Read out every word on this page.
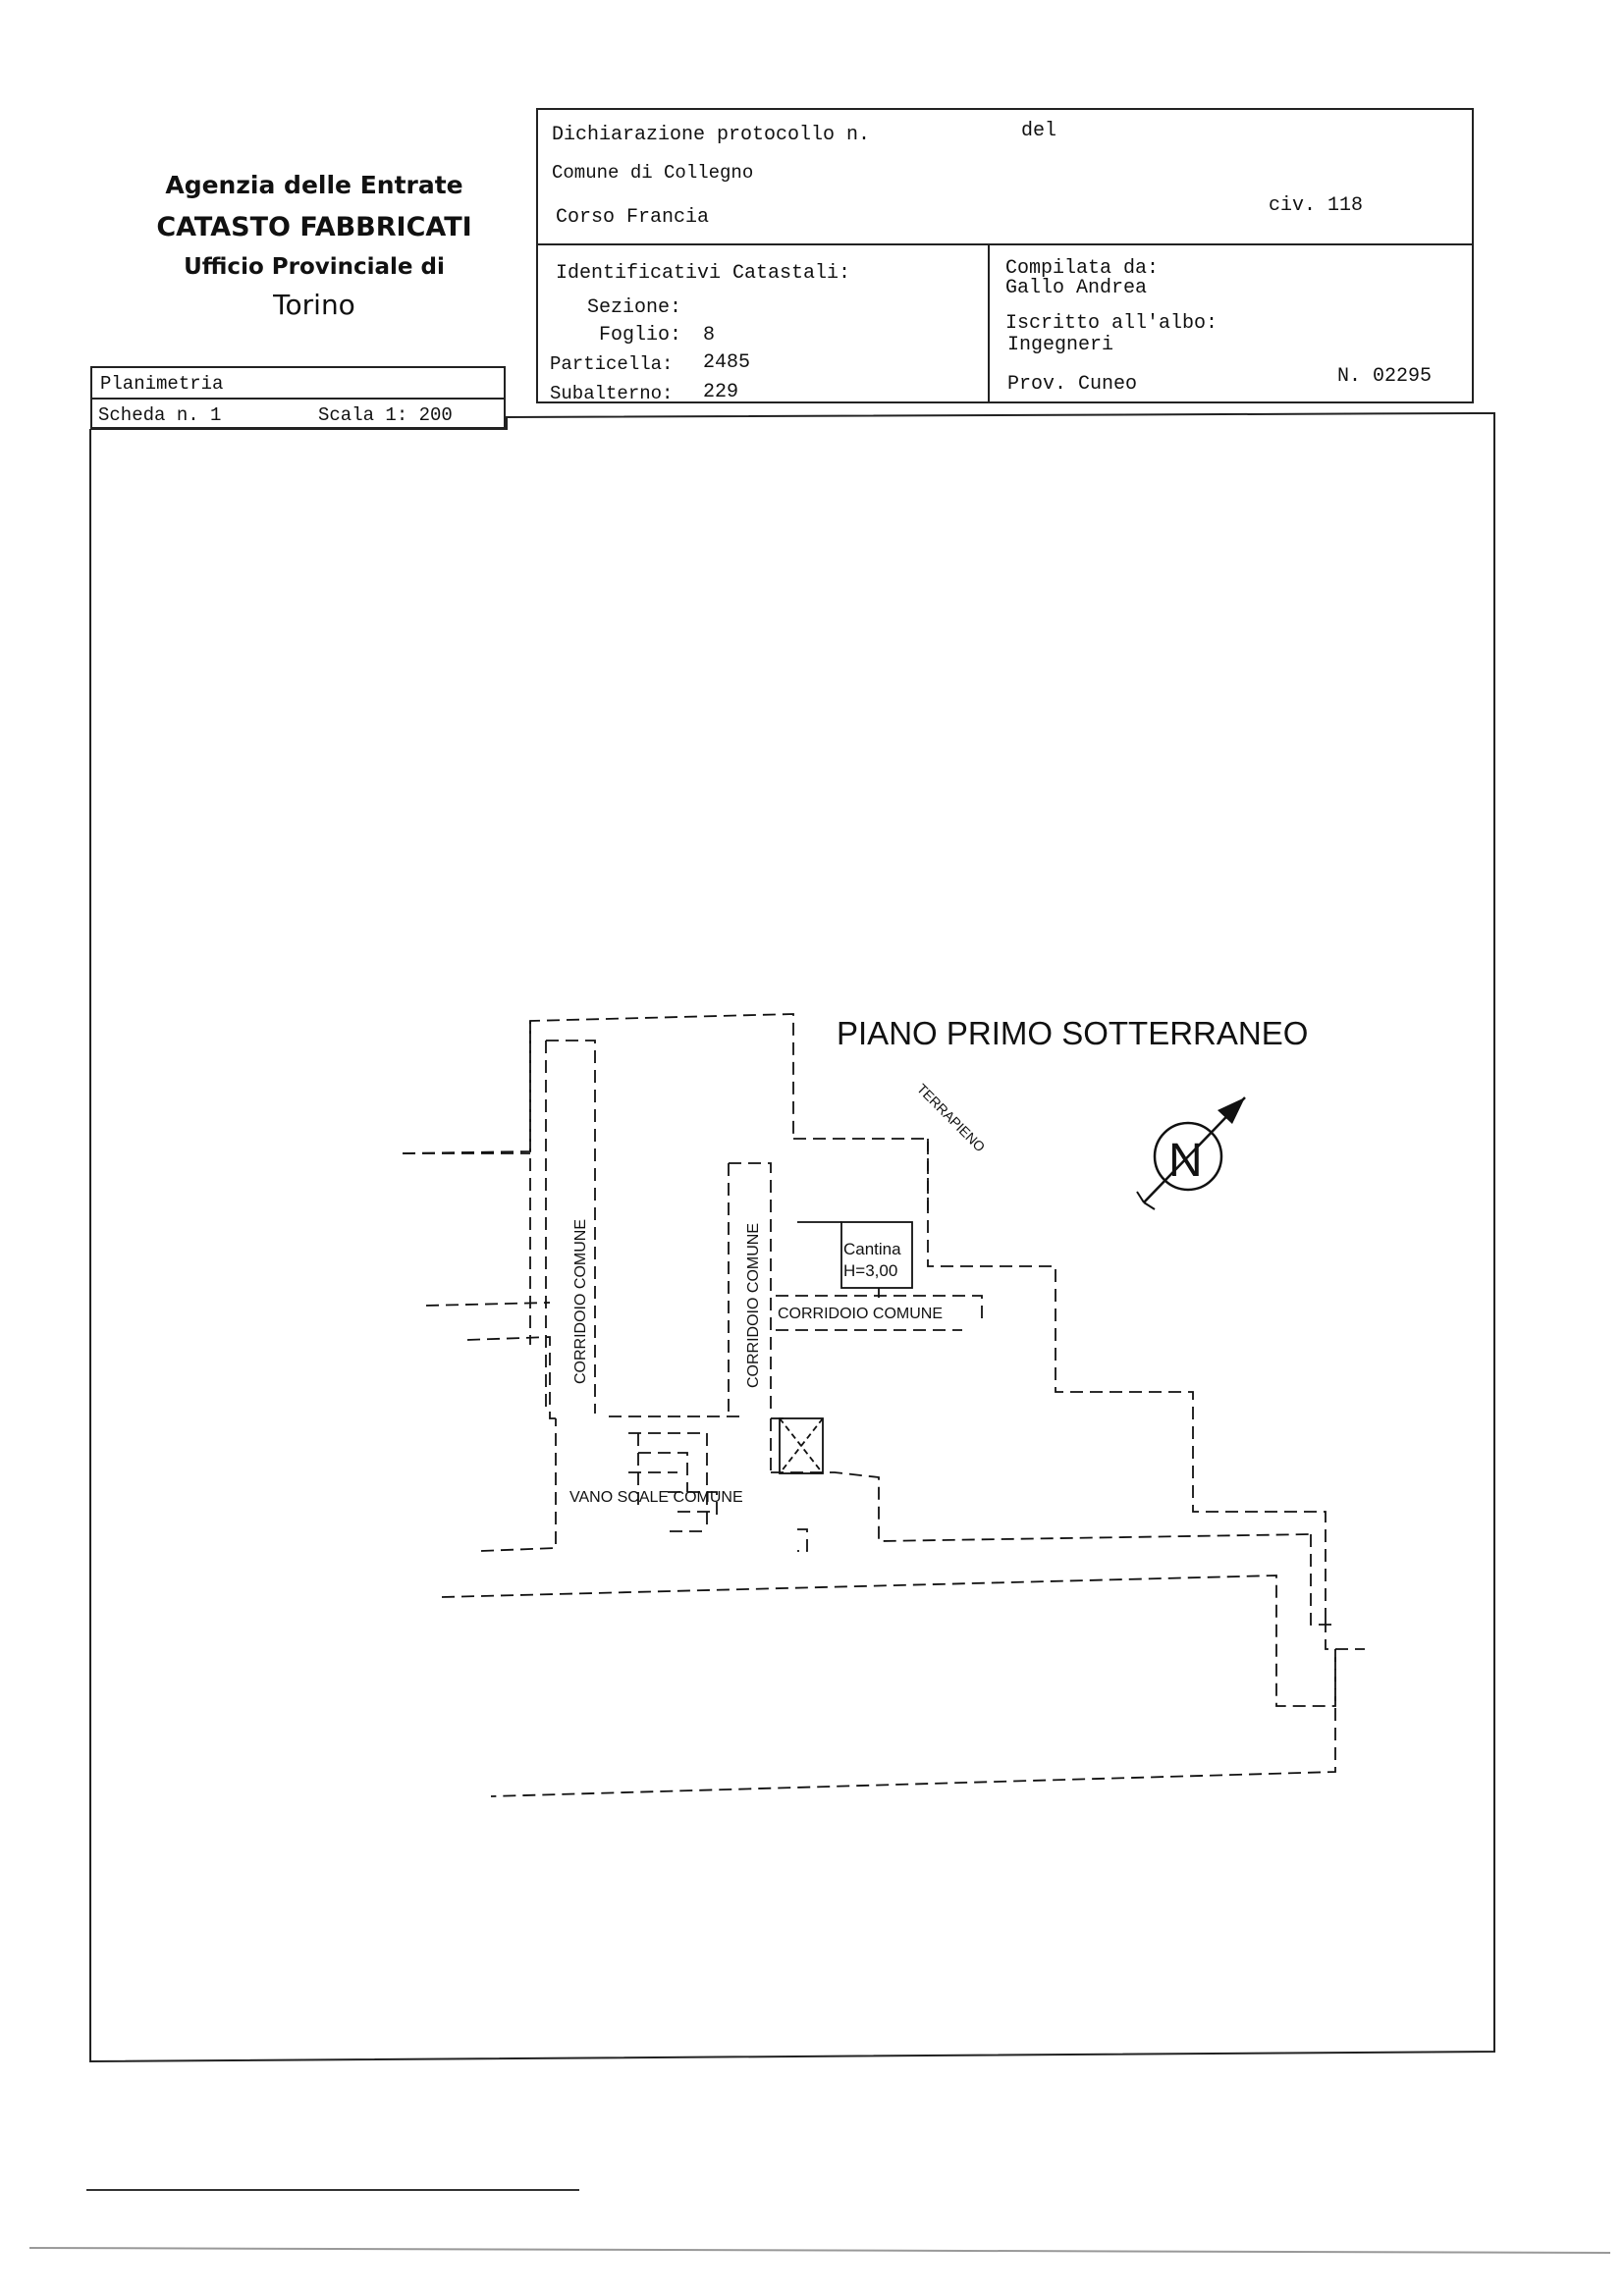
Agenzia delle Entrate
CATASTO FABBRICATI
Ufficio Provinciale di
Torino
Dichiarazione protocollo n.	del
Comune di Collegno
Corso Francia
civ. 118
Identificativi Catastali:
Sezione:
Foglio: 8
Particella: 2485
Subalterno: 229
Compilata da:
Gallo Andrea
Iscritto all'albo:
Ingegneri
Prov. Cuneo	N. 02295
Planimetria
Scheda n. 1	Scala 1: 200
PIANO PRIMO SOTTERRANEO
TERRAPIENO
CORRIDOIO COMUNE	CORRIDOIO COMUNE CORRIDOIO COMUNE
Cantina
H=3,00
VANO SCALE COMUNE
N
